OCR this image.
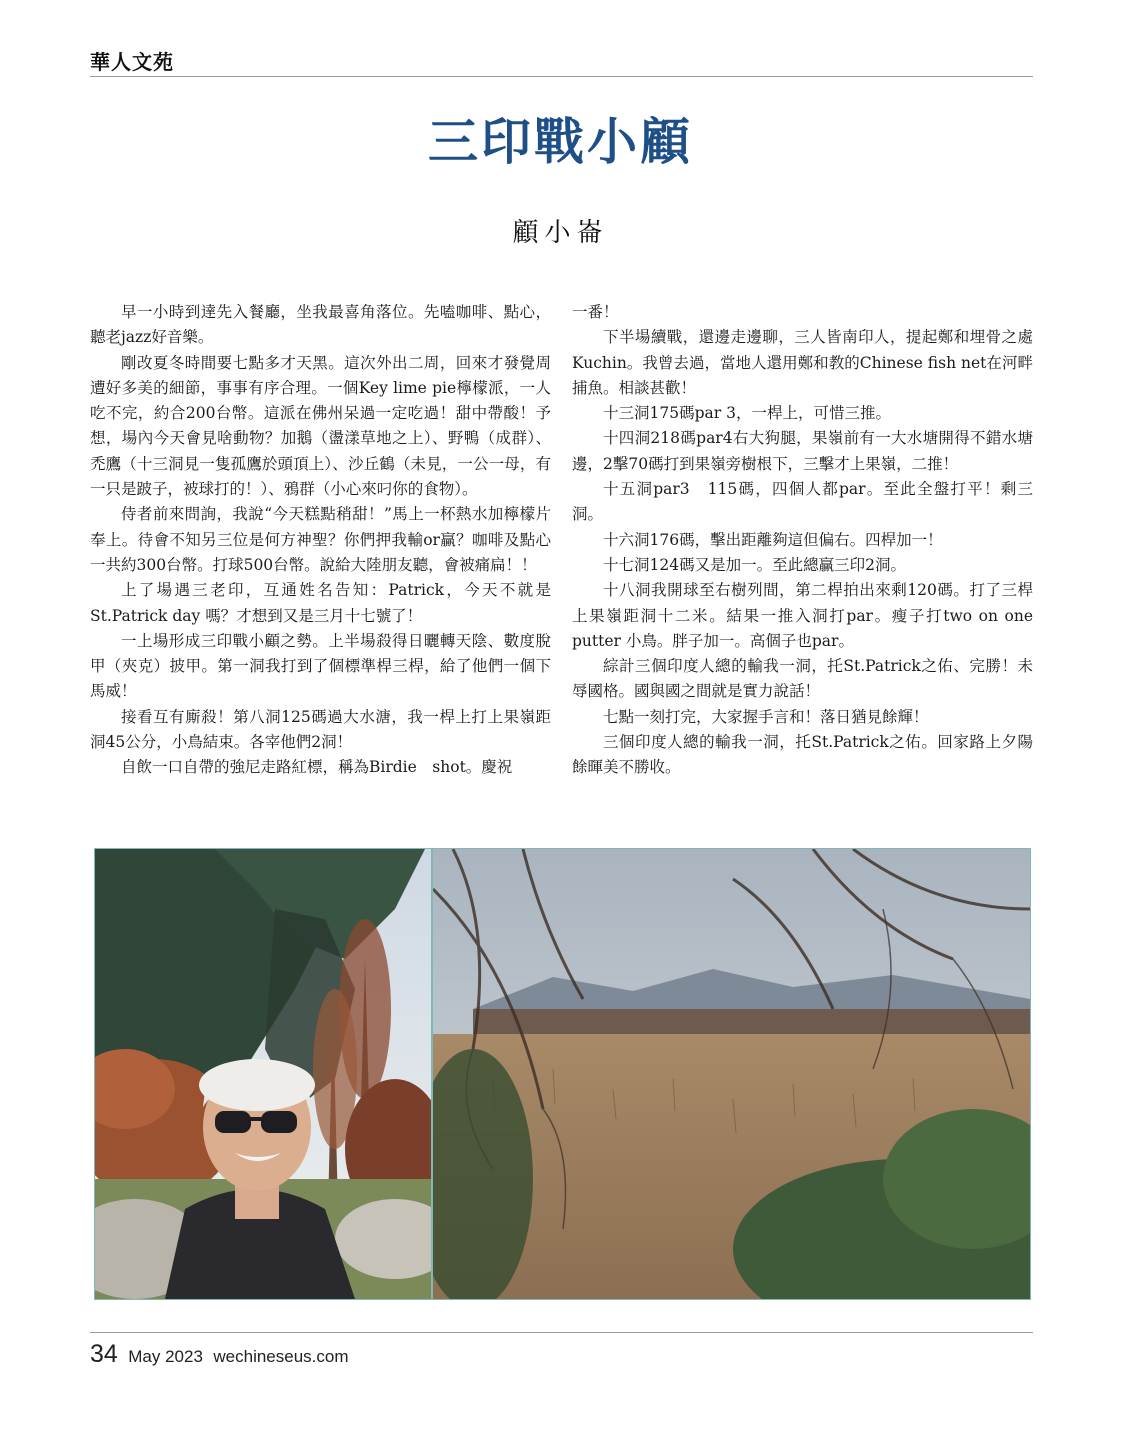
華人文苑
三印戰小顧
顧小崙

早一小時到達先入餐廳，坐我最喜角落位。先嗑咖啡、點心，聽老jazz好音樂。

剛改夏冬時間要七點多才天黑。這次外出二周，回來才發覺周遭好多美的細節，事事有序合理。一個Key lime pie檸檬派，一人吃不完，約合200台幣。這派在佛州呆過一定吃過！甜中帶酸！予想，場內今天會見啥動物？加鵝（盪漾草地之上）、野鴨（成群）、禿鷹（十三洞見一隻孤鷹於頭頂上）、沙丘鶴（未見，一公一母，有一只是跛子，被球打的！）、鴉群（小心來叼你的食物）。

侍者前來問詢，我說“今天糕點稍甜！”馬上一杯熱水加檸檬片奉上。待會不知另三位是何方神聖？你們押我輸or贏？咖啡及點心一共約300台幣。打球500台幣。說給大陸朋友聽，會被痛扁！！

上了場遇三老印，互通姓名告知：Patrick，今天不就是St.Patrick day 嗎？才想到又是三月十七號了！

一上場形成三印戰小顧之勢。上半場殺得日曬轉天陰、數度脫甲（夾克）披甲。第一洞我打到了個標準桿三桿，給了他們一個下馬威！

接看互有廝殺！第八洞125碼過大水溏，我一桿上打上果嶺距洞45公分，小鳥結束。各宰他們2洞！

自飲一口自帶的強尼走路紅標，稱為Birdie　shot。慶祝

一番！

下半場續戰，還邊走邊聊，三人皆南印人，提起鄭和埋骨之處Kuchin。我曾去過，當地人還用鄭和教的Chinese fish net在河畔捕魚。相談甚歡！

十三洞175碼par 3，一桿上，可惜三推。

十四洞218碼par4右大狗腿，果嶺前有一大水塘開得不錯水塘邊，2擊70碼打到果嶺旁樹根下，三擊才上果嶺，二推！

十五洞par3　115碼，四個人都par。至此全盤打平！剩三洞。

十六洞176碼，擊出距離夠這但偏右。四桿加一！

十七洞124碼又是加一。至此總贏三印2洞。

十八洞我開球至右樹列間，第二桿拍出來剩120碼。打了三桿上果嶺距洞十二米。結果一推入洞打par。瘦子打two on one putter 小鳥。胖子加一。高個子也par。

綜計三個印度人總的輸我一洞，托St.Patrick之佑、完勝！未辱國格。國與國之間就是實力說話！

七點一刻打完，大家握手言和！落日猶見餘輝！

三個印度人總的輸我一洞，托St.Patrick之佑。回家路上夕陽餘暉美不勝收。

34 May 2023 wechineseus.com
